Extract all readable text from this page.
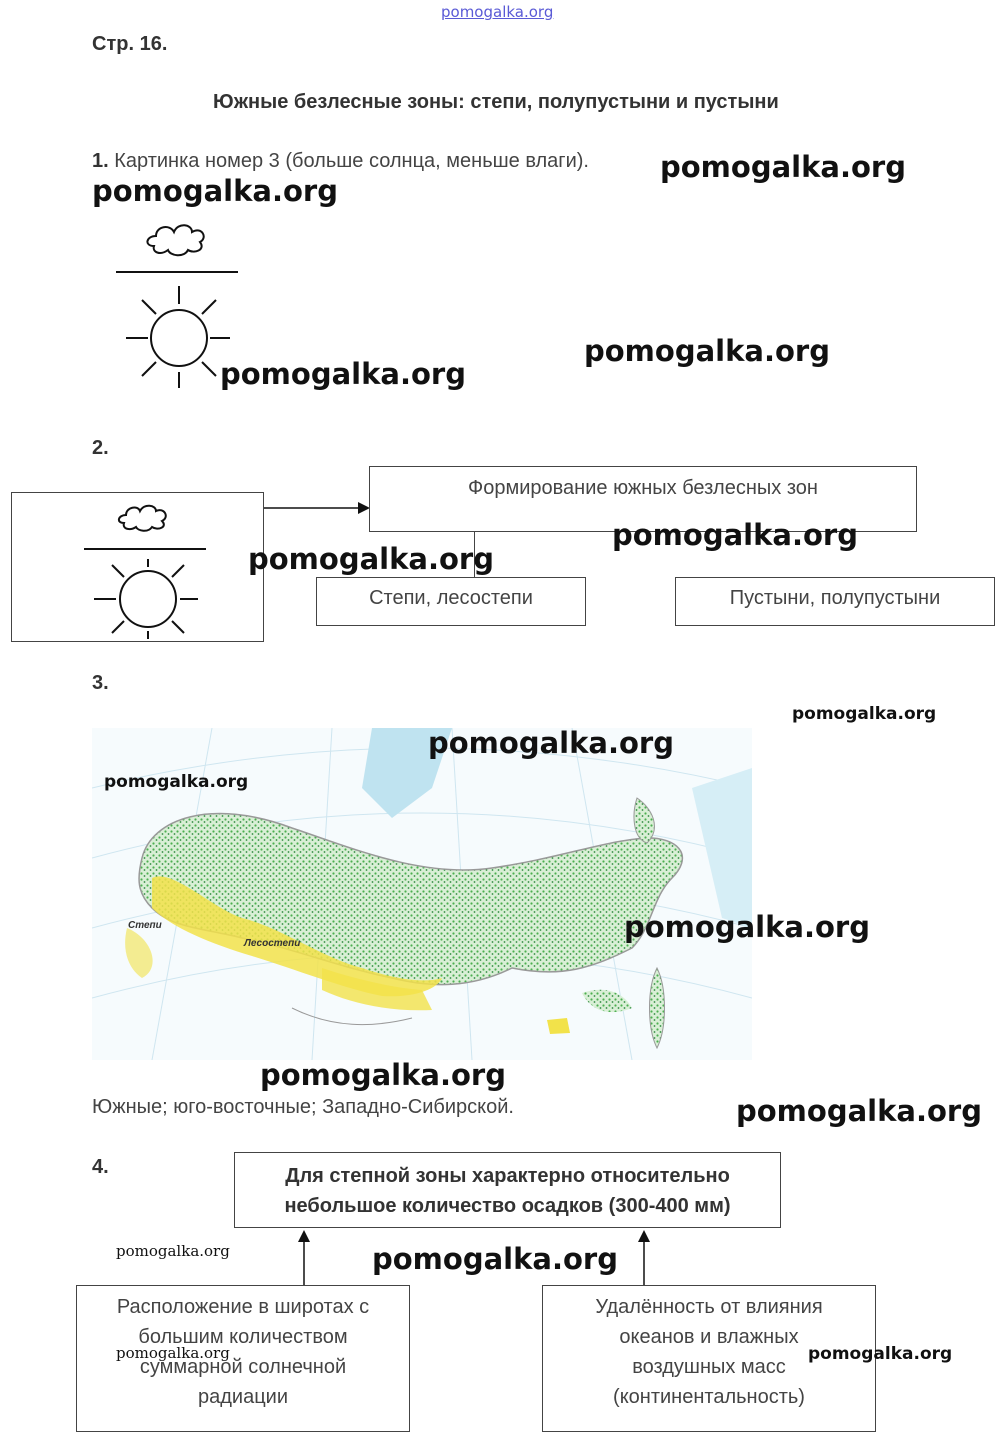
pomogalka.org
Стр. 16.
Южные безлесные зоны: степи, полупустыни и пустыни
1. Картинка номер 3 (больше солнца, меньше влаги). pomogalka.org
pomogalka.org
pomogalka.org
pomogalka.org
2.
Формирование южных безлесных зон
Степи, лесостепи	Пустыни, полупустыни
pomogalka.org
pomogalka.org
3.
Степи
Лесостепи
pomogalka.org
pomogalka.org
pomogalka.org
pomogalka.org
pomogalka.org
Южные; юго-восточные; Западно-Сибирской.	pomogalka.org
4.	Для степной зоны характерно относительно
небольшое количество осадков (300-400 мм)
pomogalka.org	pomogalka.org
Расположение в широтах с
большим количеством
суммарной солнечной
радиации
Удалённость от влияния
океанов и влажных
воздушных масс
(континентальность)
pomogalka.org	pomogalka.org
